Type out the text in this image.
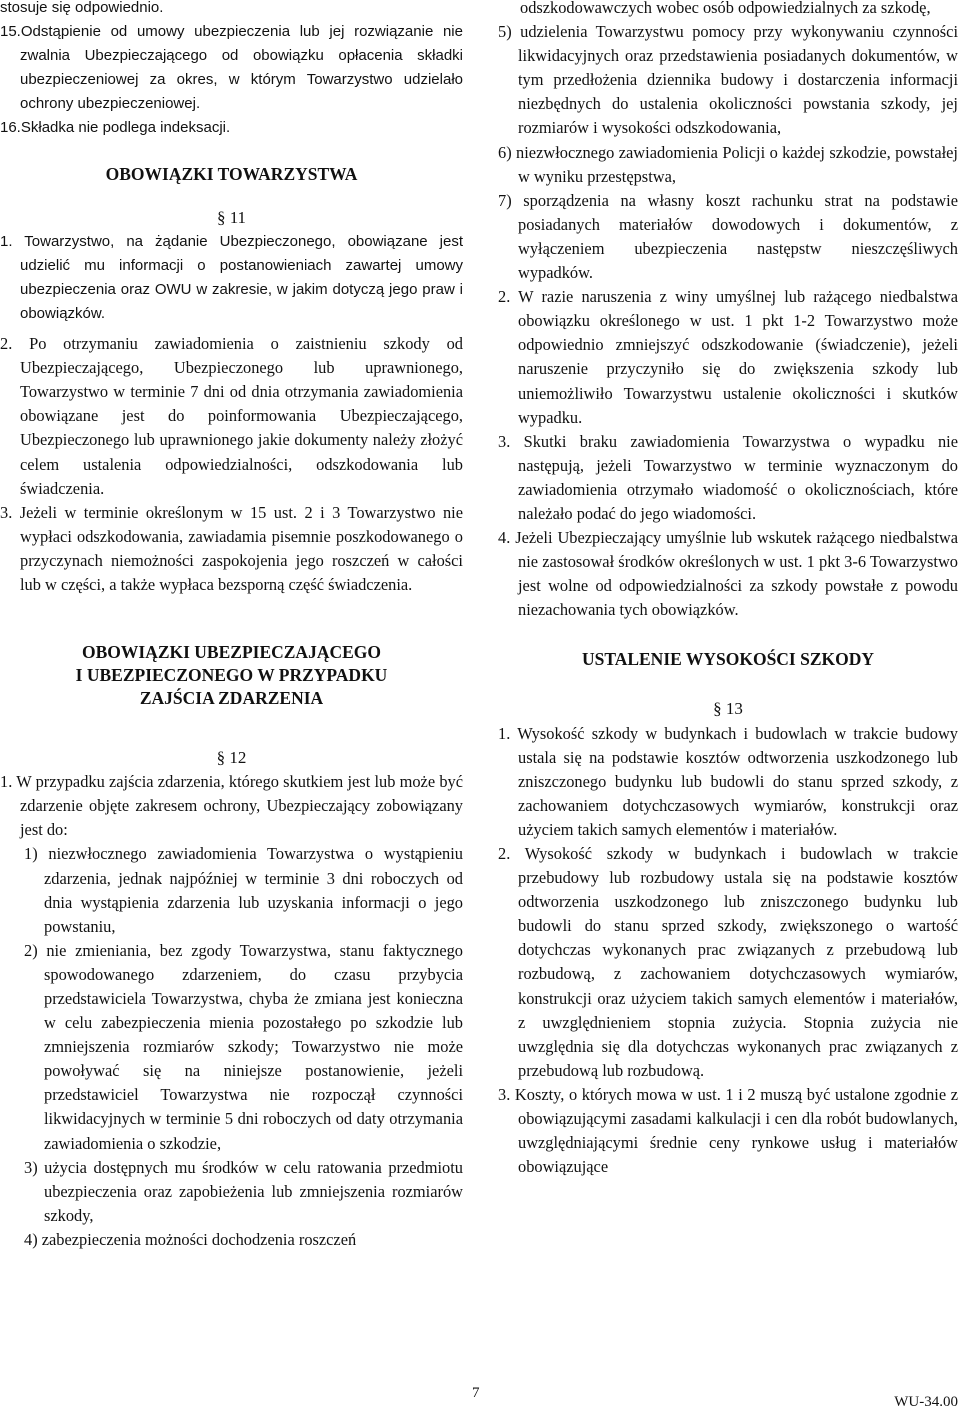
stosuje się odpowiednio.

15.Odstąpienie od umowy ubezpieczenia lub jej rozwiązanie nie zwalnia Ubezpieczającego od obowiązku opłacenia składki ubezpieczeniowej za okres, w którym Towarzystwo udzielało ochrony ubezpieczeniowej.

16.Składka nie podlega indeksacji.

OBOWIĄZKI TOWARZYSTWA

§ 11

1. Towarzystwo, na żądanie Ubezpieczonego, obowiązane jest udzielić mu informacji o postanowieniach zawartej umowy ubezpieczenia oraz OWU w zakresie, w jakim dotyczą jego praw i obowiązków.

2. Po otrzymaniu zawiadomienia o zaistnieniu szkody od Ubezpieczającego, Ubezpieczonego lub uprawnionego, Towarzystwo w terminie 7 dni od dnia otrzymania zawiadomienia obowiązane jest do poinformowania Ubezpieczającego, Ubezpieczonego lub uprawnionego jakie dokumenty należy złożyć celem ustalenia odpowiedzialności, odszkodowania lub świadczenia.

3. Jeżeli w terminie określonym w 15 ust. 2 i 3 Towarzystwo nie wypłaci odszkodowania, zawiadamia pisemnie poszkodowanego o przyczynach niemożności zaspokojenia jego roszczeń w całości lub w części, a także wypłaca bezsporną część świadczenia.

OBOWIĄZKI UBEZPIECZAJĄCEGO

I UBEZPIECZONEGO W PRZYPADKU

ZAJŚCIA ZDARZENIA

§ 12

1. W przypadku zajścia zdarzenia, którego skutkiem jest lub może być zdarzenie objęte zakresem ochrony, Ubezpieczający zobowiązany jest do:

1) niezwłocznego zawiadomienia Towarzystwa o wystąpieniu zdarzenia, jednak najpóźniej w terminie 3 dni roboczych od dnia wystąpienia zdarzenia lub uzyskania informacji o jego powstaniu,

2) nie zmieniania, bez zgody Towarzystwa, stanu faktycznego spowodowanego zdarzeniem, do czasu przybycia przedstawiciela Towarzystwa, chyba że zmiana jest konieczna w celu zabezpieczenia mienia pozostałego po szkodzie lub zmniejszenia rozmiarów szkody; Towarzystwo nie może powoływać się na niniejsze postanowienie, jeżeli przedstawiciel Towarzystwa nie rozpoczął czynności likwidacyjnych w terminie 5 dni roboczych od daty otrzymania zawiadomienia o szkodzie,

3) użycia dostępnych mu środków w celu ratowania przedmiotu ubezpieczenia oraz zapobieżenia lub zmniejszenia rozmiarów szkody,

4) zabezpieczenia możności dochodzenia roszczeń

odszkodowawczych wobec osób odpowiedzialnych za szkodę,

5) udzielenia Towarzystwu pomocy przy wykonywaniu czynności likwidacyjnych oraz przedstawienia posiadanych dokumentów, w tym przedłożenia dziennika budowy i dostarczenia informacji niezbędnych do ustalenia okoliczności powstania szkody, jej rozmiarów i wysokości odszkodowania,

6) niezwłocznego zawiadomienia Policji o każdej szkodzie, powstałej w wyniku przestępstwa,

7) sporządzenia na własny koszt rachunku strat na podstawie posiadanych materiałów dowodowych i dokumentów, z wyłączeniem ubezpieczenia następstw nieszczęśliwych wypadków.

2. W razie naruszenia z winy umyślnej lub rażącego niedbalstwa obowiązku określonego w ust. 1 pkt 1-2 Towarzystwo może odpowiednio zmniejszyć odszkodowanie (świadczenie), jeżeli naruszenie przyczyniło się do zwiększenia szkody lub uniemożliwiło Towarzystwu ustalenie okoliczności i skutków wypadku.

3. Skutki braku zawiadomienia Towarzystwa o wypadku nie następują, jeżeli Towarzystwo w terminie wyznaczonym do zawiadomienia otrzymało wiadomość o okolicznościach, które należało podać do jego wiadomości.

4. Jeżeli Ubezpieczający umyślnie lub wskutek rażącego niedbalstwa nie zastosował środków określonych w ust. 1 pkt 3-6 Towarzystwo jest wolne od odpowiedzialności za szkody powstałe z powodu niezachowania tych obowiązków.

USTALENIE WYSOKOŚCI SZKODY

§ 13

1. Wysokość szkody w budynkach i budowlach w trakcie budowy ustala się na podstawie kosztów odtworzenia uszkodzonego lub zniszczonego budynku lub budowli do stanu sprzed szkody, z zachowaniem dotychczasowych wymiarów, konstrukcji oraz użyciem takich samych elementów i materiałów.

2. Wysokość szkody w budynkach i budowlach w trakcie przebudowy lub rozbudowy ustala się na podstawie kosztów odtworzenia uszkodzonego lub zniszczonego budynku lub budowli do stanu sprzed szkody, zwiększonego o wartość dotychczas wykonanych prac związanych z przebudową lub rozbudową, z zachowaniem dotychczasowych wymiarów, konstrukcji oraz użyciem takich samych elementów i materiałów, z uwzględnieniem stopnia zużycia. Stopnia zużycia nie uwzględnia się dla dotychczas wykonanych prac związanych z przebudową lub rozbudową.

3. Koszty, o których mowa w ust. 1 i 2 muszą być ustalone zgodnie z obowiązującymi zasadami kalkulacji i cen dla robót budowlanych, uwzględniającymi średnie ceny rynkowe usług i materiałów obowiązujące

7
WU-34.00
